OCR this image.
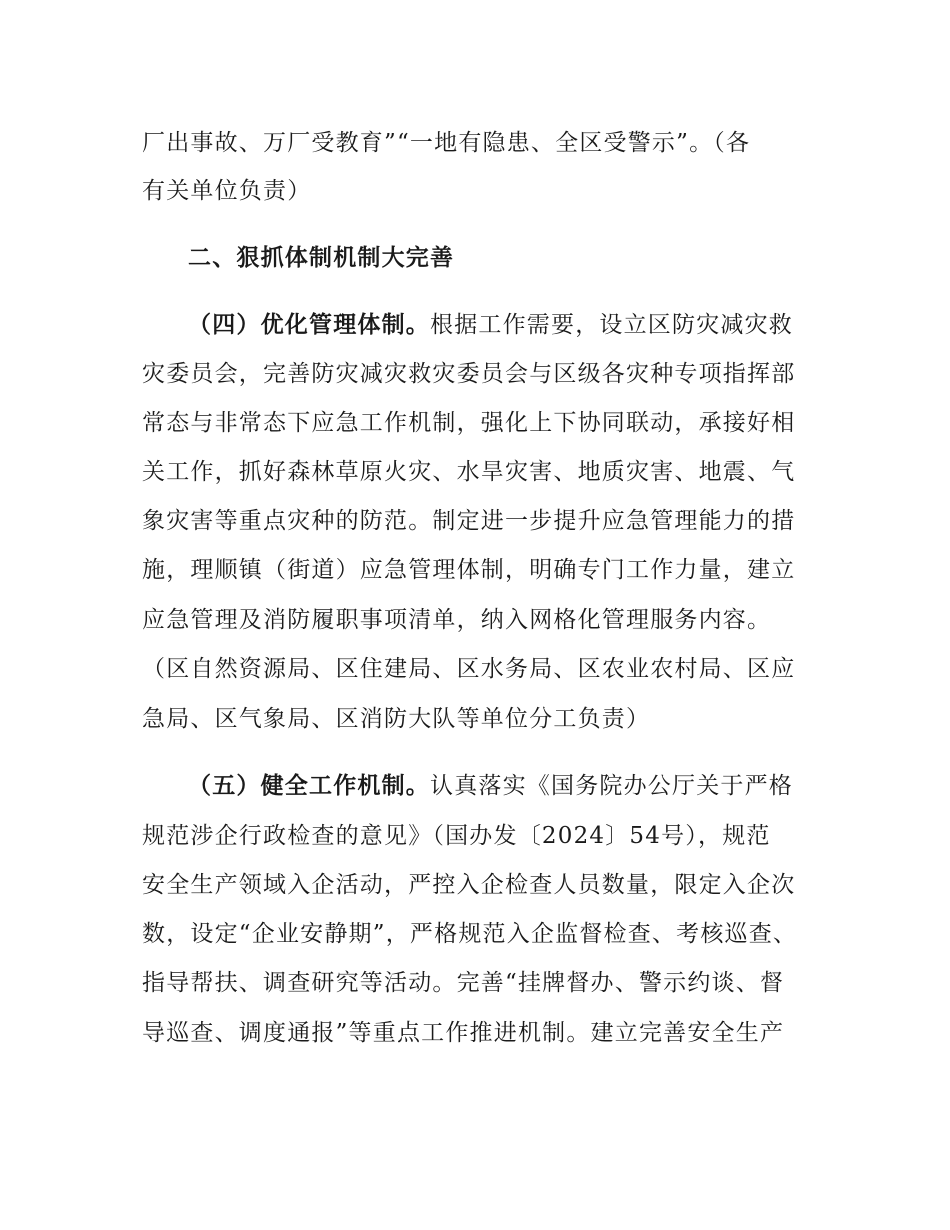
厂出事故、万厂受教育”“一地有隐患、全区受警示”。（各
有关单位负责）
二、狠抓体制机制大完善
（四）优化管理体制。根据工作需要，设立区防灾减灾救
灾委员会，完善防灾减灾救灾委员会与区级各灾种专项指挥部
常态与非常态下应急工作机制，强化上下协同联动，承接好相
关工作，抓好森林草原火灾、水旱灾害、地质灾害、地震、气
象灾害等重点灾种的防范。制定进一步提升应急管理能力的措
施，理顺镇（街道）应急管理体制，明确专门工作力量，建立
应急管理及消防履职事项清单，纳入网格化管理服务内容。
（区自然资源局、区住建局、区水务局、区农业农村局、区应
急局、区气象局、区消防大队等单位分工负责）
（五）健全工作机制。认真落实《国务院办公厅关于严格
规范涉企行政检查的意见》（国办发〔2024〕54号），规范
安全生产领域入企活动，严控入企检查人员数量，限定入企次
数，设定“企业安静期”，严格规范入企监督检查、考核巡查、
指导帮扶、调查研究等活动。完善“挂牌督办、警示约谈、督
导巡查、调度通报”等重点工作推进机制。建立完善安全生产
